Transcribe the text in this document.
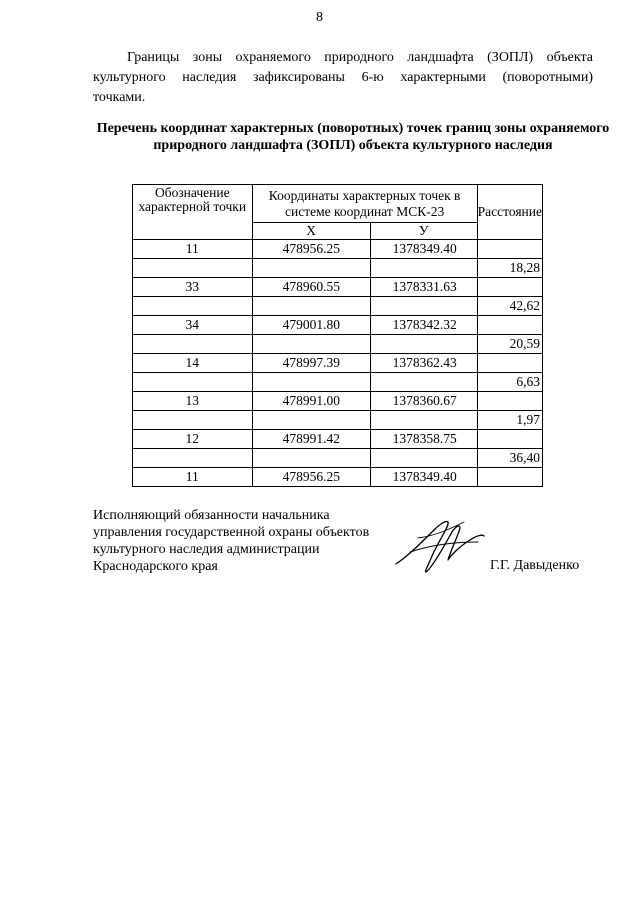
8

Границы зоны охраняемого природного ландшафта (ЗОПЛ) объекта культурного наследия зафиксированы 6-ю характерными (поворотными) точками.

Перечень координат характерных (поворотных) точек границ зоны охраняемого природного ландшафта (ЗОПЛ) объекта культурного наследия
Обозначение характерной точки	Координаты характерных точек в системе координат МСК-23		Расстояние
	X	У	
11	478956.25	1378349.40	
			18,28
33	478960.55	1378331.63	
			42,62
34	479001.80	1378342.32	
			20,59
14	478997.39	1378362.43	
			6,63
13	478991.00	1378360.67	
			1,97
12	478991.42	1378358.75	
			36,40
11	478956.25	1378349.40	
Исполняющий обязанности начальника
управления государственной охраны объектов
культурного наследия администрации
Краснодарского края	Г.Г. Давыденко
